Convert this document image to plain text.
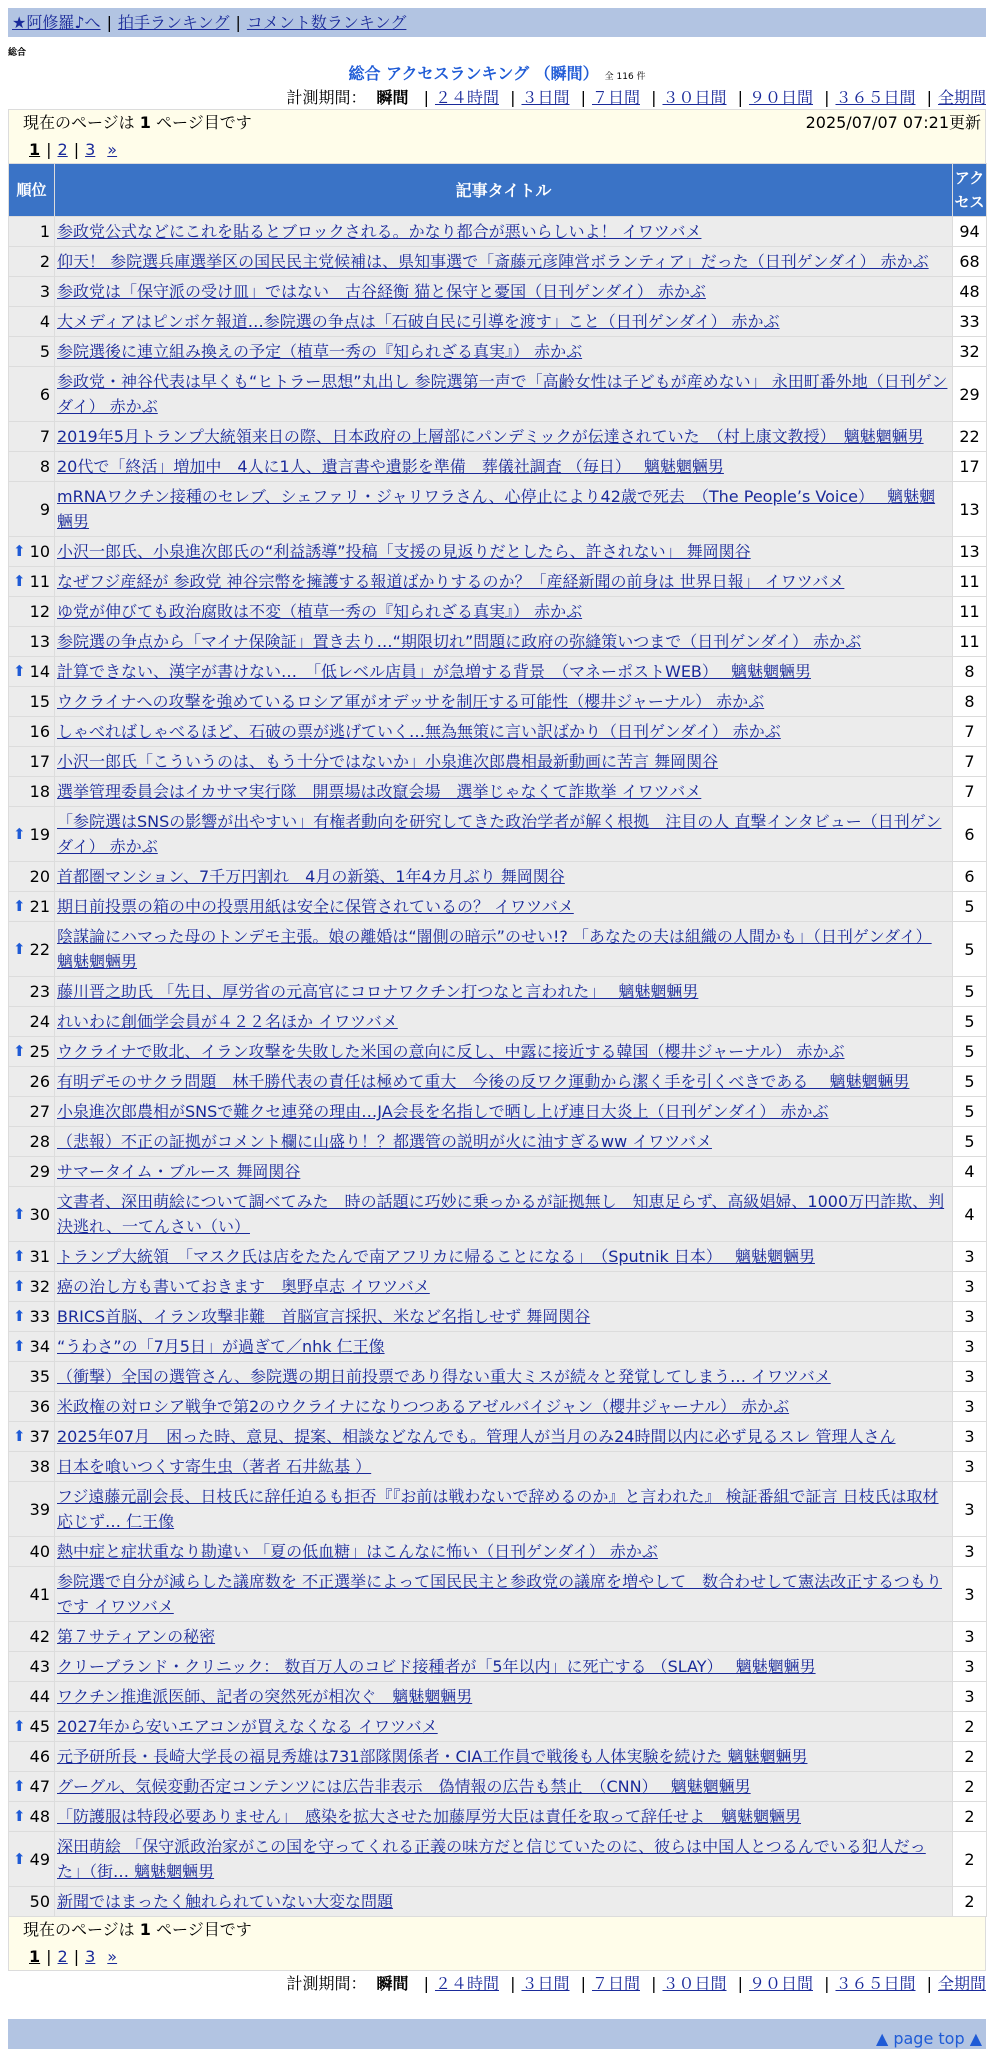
★阿修羅♪へ | 拍手ランキング | コメント数ランキング
総合
総合 アクセスランキング （瞬間） 全 116 件
計測期間： 瞬間 | ２４時間 | ３日間 | ７日間 | ３０日間 | ９０日間 | ３６５日間 | 全期間
現在のページは 1 ページ目です	2025/07/07 07:21更新
1 | 2 | 3 »
順位	記事タイトル	アクセス
1	参政党公式などにこれを貼るとブロックされる。かなり都合が悪いらしいよ！ イワツバメ	94
2	仰天！ 参院選兵庫選挙区の国民民主党候補は、県知事選で「斎藤元彦陣営ボランティア」だった（日刊ゲンダイ） 赤かぶ	68
3	参政党は「保守派の受け皿」ではない　古谷経衡 猫と保守と憂国（日刊ゲンダイ） 赤かぶ	48
4	大メディアはピンボケ報道…参院選の争点は「石破自民に引導を渡す」こと（日刊ゲンダイ） 赤かぶ	33
5	参院選後に連立組み換えの予定（植草一秀の『知られざる真実』） 赤かぶ	32
6	参政党・神谷代表は早くも“ヒトラー思想”丸出し 参院選第一声で「高齢女性は子どもが産めない」 永田町番外地（日刊ゲンダイ） 赤かぶ	29
7	2019年5月トランプ大統領来日の際、日本政府の上層部にパンデミックが伝達されていた　（村上康文教授）　魑魅魍魎男	22
8	20代で「終活」増加中　4人に1人、遺言書や遺影を準備　葬儀社調査 （毎日）　 魑魅魍魎男	17
9	mRNAワクチン接種のセレブ、シェファリ・ジャリワラさん、心停止により42歳で死去　（The People’s Voice）　 魑魅魍魎男	13

⬆ 10	小沢一郎氏、小泉進次郎氏の“利益誘導”投稿「支援の見返りだとしたら、許されない」 舞岡関谷	13

⬆ 11	なぜフジ産経が 参政党 神谷宗幣を擁護する報道ばかりするのか？「産経新聞の前身は 世界日報」 イワツバメ	11
12	ゆ党が伸びても政治腐敗は不変（植草一秀の『知られざる真実』） 赤かぶ	11
13	参院選の争点から「マイナ保険証」置き去り…“期限切れ”問題に政府の弥縫策いつまで（日刊ゲンダイ） 赤かぶ	11

⬆ 14	計算できない、漢字が書けない…　「低レベル店員」が急増する背景　（マネーポストWEB）　 魑魅魍魎男	8
15	ウクライナへの攻撃を強めているロシア軍がオデッサを制圧する可能性（櫻井ジャーナル） 赤かぶ	8
16	しゃべればしゃべるほど、石破の票が逃げていく…無為無策に言い訳ばかり（日刊ゲンダイ） 赤かぶ	7
17	小沢一郎氏「こういうのは、もう十分ではないか」小泉進次郎農相最新動画に苦言 舞岡関谷	7
18	選挙管理委員会はイカサマ実行隊　開票場は改竄会場　選挙じゃなくて詐欺挙 イワツバメ	7

⬆ 19	「参院選はSNSの影響が出やすい」有権者動向を研究してきた政治学者が解く根拠　注目の人 直撃インタビュー（日刊ゲンダイ） 赤かぶ	6
20	首都圏マンション、7千万円割れ　4月の新築、1年4カ月ぶり 舞岡関谷	6

⬆ 21	期日前投票の箱の中の投票用紙は安全に保管されているの？ イワツバメ	5

⬆ 22	陰謀論にハマった母のトンデモ主張。娘の離婚は“闇側の暗示”のせい!? 「あなたの夫は組織の人間かも」（日刊ゲンダイ） 魑魅魍魎男	5
23	藤川晋之助氏 「先日、厚労省の元高官にコロナワクチン打つなと言われた」　 魑魅魍魎男	5
24	れいわに創価学会員が４２２名ほか イワツバメ	5

⬆ 25	ウクライナで敗北、イラン攻撃を失敗した米国の意向に反し、中露に接近する韓国（櫻井ジャーナル） 赤かぶ	5
26	有明デモのサクラ問題　林千勝代表の責任は極めて重大　今後の反ワク運動から潔く手を引くべきである　 魑魅魍魎男	5
27	小泉進次郎農相がSNSで難クセ連発の理由…JA会長を名指しで晒し上げ連日大炎上（日刊ゲンダイ） 赤かぶ	5
28	（悲報）不正の証拠がコメント欄に山盛り！？都選管の説明が火に油すぎるww イワツバメ	5
29	サマータイム・ブルース 舞岡関谷	4

⬆ 30	文書者、深田萌絵について調べてみた　時の話題に巧妙に乗っかるが証拠無し　知恵足らず、高級娼婦、1000万円詐欺、判決逃れ、一てんさい（い）	4

⬆ 31	トランプ大統領　「マスク氏は店をたたんで南アフリカに帰ることになる」　（Sputnik 日本）　 魑魅魍魎男	3

⬆ 32	癌の治し方も書いておきます　奥野卓志 イワツバメ	3

⬆ 33	BRICS首脳、イラン攻撃非難　首脳宣言採択、米など名指しせず 舞岡関谷	3

⬆ 34	“うわさ”の「7月5日」が過ぎて／nhk 仁王像	3
35	（衝撃）全国の選管さん、参院選の期日前投票であり得ない重大ミスが続々と発覚してしまう… イワツバメ	3
36	米政権の対ロシア戦争で第2のウクライナになりつつあるアゼルバイジャン（櫻井ジャーナル） 赤かぶ	3

⬆ 37	2025年07月　困った時、意見、提案、相談などなんでも。管理人が当月のみ24時間以内に必ず見るスレ 管理人さん	3
38	日本を喰いつくす寄生虫（著者 石井紘基 ）	3
39	フジ遠藤元副会長、日枝氏に辞任迫るも拒否『『お前は戦わないで辞めるのか』と言われた』 検証番組で証言 日枝氏は取材応じず… 仁王像	3
40	熱中症と症状重なり勘違い 「夏の低血糖」はこんなに怖い（日刊ゲンダイ） 赤かぶ	3
41	参院選で自分が減らした議席数を 不正選挙によって国民民主と参政党の議席を増やして　数合わせして憲法改正するつもりです イワツバメ	3
42	第７サティアンの秘密	3
43	クリーブランド・クリニック： 数百万人のコビド接種者が「5年以内」に死亡する （SLAY）　 魑魅魍魎男	3
44	ワクチン推進派医師、記者の突然死が相次ぐ　魑魅魍魎男	3

⬆ 45	2027年から安いエアコンが買えなくなる イワツバメ	2
46	元予研所長・長崎大学長の福見秀雄は731部隊関係者・CIA工作員で戦後も人体実験を続けた 魑魅魍魎男	2

⬆ 47	グーグル、気候変動否定コンテンツには広告非表示　偽情報の広告も禁止　（CNN）　 魑魅魍魎男	2

⬆ 48	「防護服は特段必要ありません」　感染を拡大させた加藤厚労大臣は責任を取って辞任せよ　魑魅魍魎男	2

⬆ 49	深田萌絵 「保守派政治家がこの国を守ってくれる正義の味方だと信じていたのに、彼らは中国人とつるんでいる犯人だった」（街… 魑魅魍魎男	2
50	新聞ではまったく触れられていない大変な問題	2
現在のページは 1 ページ目です
1 | 2 | 3 »
計測期間： 瞬間 | ２４時間 | ３日間 | ７日間 | ３０日間 | ９０日間 | ３６５日間 | 全期間
▲ page top ▲
